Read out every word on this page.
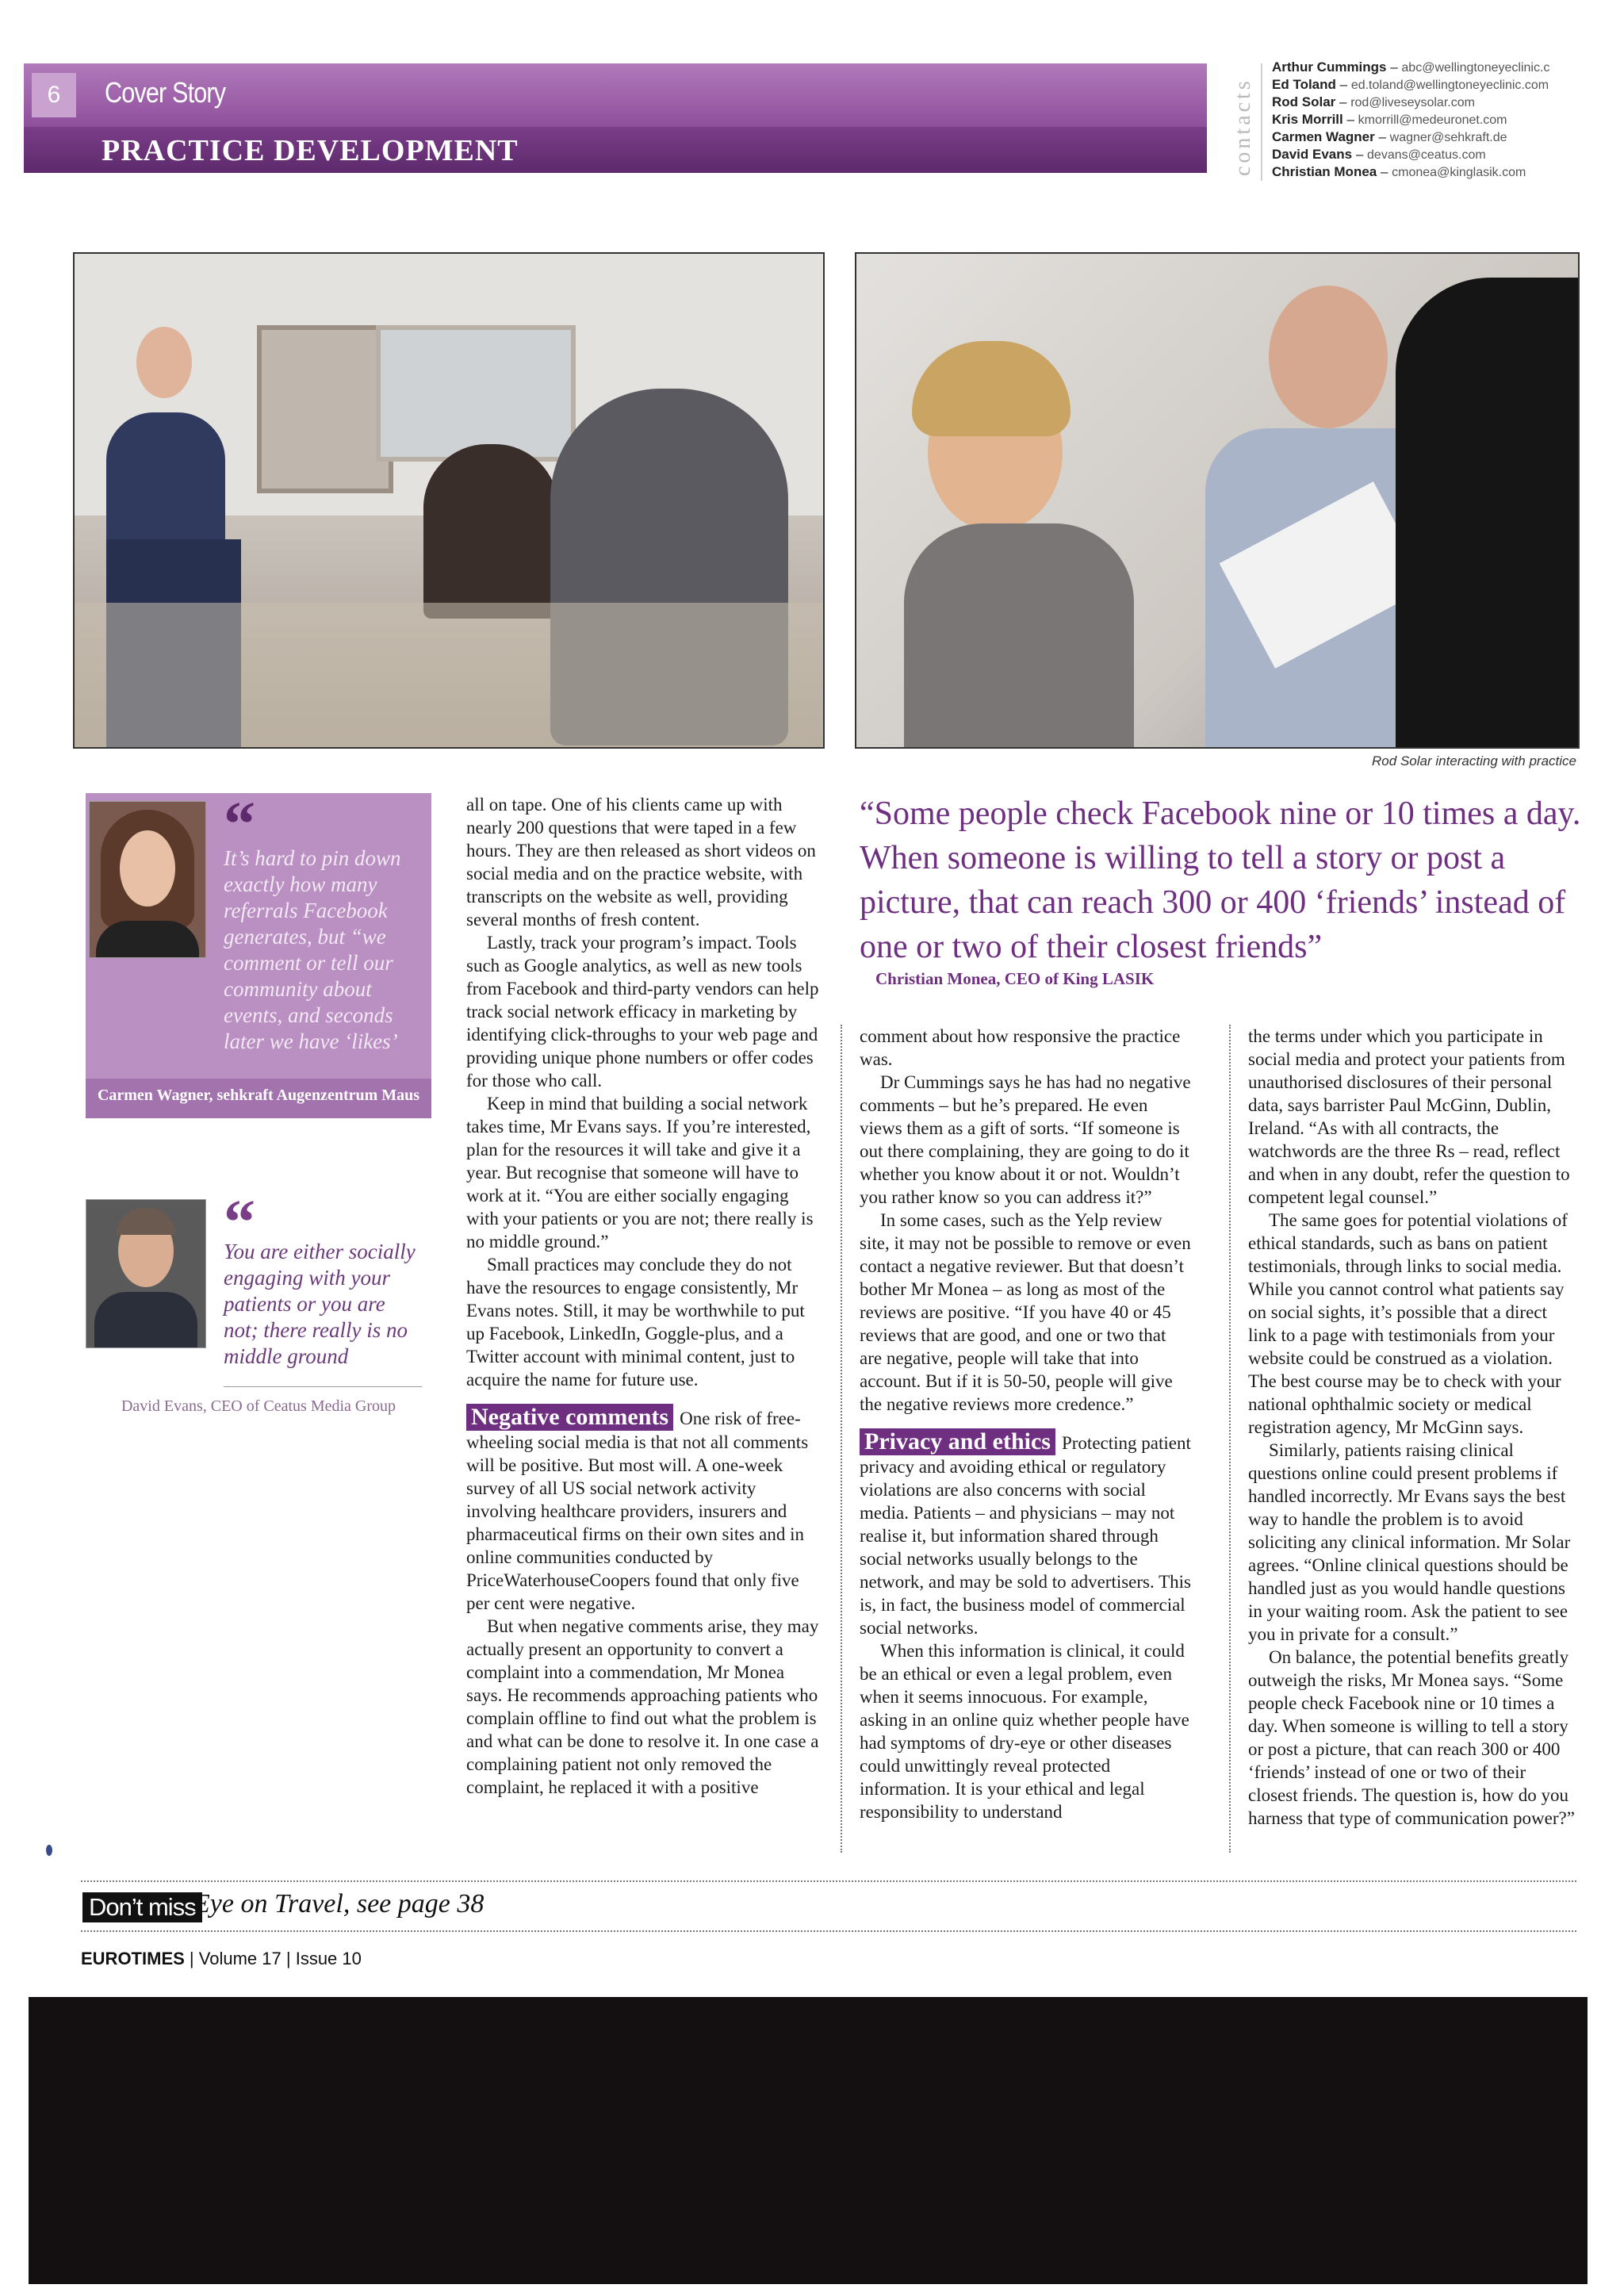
6	Cover Story
PRACTICE DEVELOPMENT	contacts
Arthur Cummings – abc@wellingtoneyeclinic.c
Ed Toland – ed.toland@wellingtoneyeclinic.com
Rod Solar – rod@liveseysolar.com
Kris Morrill – kmorrill@medeuronet.com
Carmen Wagner – wagner@sehkraft.de
David Evans – devans@ceatus.com
Christian Monea – cmonea@kinglasik.com
Rod Solar interacting with practice
“
It’s hard to pin down exactly how many referrals Facebook generates, but “we comment or tell our community about events, and seconds later we have ‘likes’
Carmen Wagner, sehkraft Augenzentrum Maus
“
You are either socially engaging with your patients or you are not; there really is no middle ground
David Evans, CEO of Ceatus Media Group

all on tape. One of his clients came up with nearly 200 questions that were taped in a few hours. They are then released as short videos on social media and on the practice website, with transcripts on the website as well, providing several months of fresh content.

Lastly, track your program’s impact. Tools such as Google analytics, as well as new tools from Facebook and third-party vendors can help track social network efficacy in marketing by identifying click-throughs to your web page and providing unique phone numbers or offer codes for those who call.

Keep in mind that building a social network takes time, Mr Evans says. If you’re interested, plan for the resources it will take and give it a year. But recognise that someone will have to work at it. “You are either socially engaging with your patients or you are not; there really is no middle ground.”

Small practices may conclude they do not have the resources to engage consistently, Mr Evans notes. Still, it may be worthwhile to put up Facebook, LinkedIn, Goggle-plus, and a Twitter account with minimal content, just to acquire the name for future use.

Negative comments One risk of free-wheeling social media is that not all comments will be positive. But most will. A one-week survey of all US social network activity involving healthcare providers, insurers and pharmaceutical firms on their own sites and in online communities conducted by PriceWaterhouseCoopers found that only five per cent were negative.

But when negative comments arise, they may actually present an opportunity to convert a complaint into a commendation, Mr Monea says. He recommends approaching patients who complain offline to find out what the problem is and what can be done to resolve it. In one case a complaining patient not only removed the complaint, he replaced it with a positive

“Some people check Facebook nine or 10 times a day. When someone is willing to tell a story or post a picture, that can reach 300 or 400 ‘friends’ instead of one or two of their closest friends”
Christian Monea, CEO of King LASIK

comment about how responsive the practice was.

Dr Cummings says he has had no negative comments – but he’s prepared. He even views them as a gift of sorts. “If someone is out there complaining, they are going to do it whether you know about it or not. Wouldn’t you rather know so you can address it?”

In some cases, such as the Yelp review site, it may not be possible to remove or even contact a negative reviewer. But that doesn’t bother Mr Monea – as long as most of the reviews are positive. “If you have 40 or 45 reviews that are good, and one or two that are negative, people will take that into account. But if it is 50-50, people will give the negative reviews more credence.”

Privacy and ethics Protecting patient privacy and avoiding ethical or regulatory violations are also concerns with social media. Patients – and physicians – may not realise it, but information shared through social networks usually belongs to the network, and may be sold to advertisers. This is, in fact, the business model of commercial social networks.

When this information is clinical, it could be an ethical or even a legal problem, even when it seems innocuous. For example, asking in an online quiz whether people have had symptoms of dry-eye or other diseases could unwittingly reveal protected information. It is your ethical and legal responsibility to understand

the terms under which you participate in social media and protect your patients from unauthorised disclosures of their personal data, says barrister Paul McGinn, Dublin, Ireland. “As with all contracts, the watchwords are the three Rs – read, reflect and when in any doubt, refer the question to competent legal counsel.”

The same goes for potential violations of ethical standards, such as bans on patient testimonials, through links to social media. While you cannot control what patients say on social sights, it’s possible that a direct link to a page with testimonials from your website could be construed as a violation. The best course may be to check with your national ophthalmic society or medical registration agency, Mr McGinn says.

Similarly, patients raising clinical questions online could present problems if handled incorrectly. Mr Evans says the best way to handle the problem is to avoid soliciting any clinical information. Mr Solar agrees. “Online clinical questions should be handled just as you would handle questions in your waiting room. Ask the patient to see you in private for a consult.”

On balance, the potential benefits greatly outweigh the risks, Mr Monea says. “Some people check Facebook nine or 10 times a day. When someone is willing to tell a story or post a picture, that can reach 300 or 400 ‘friends’ instead of one or two of their closest friends. The question is, how do you harness that type of communication power?”

Don’t miss
Eye on Travel, see page 38
EUROTIMES | Volume 17 | Issue 10
